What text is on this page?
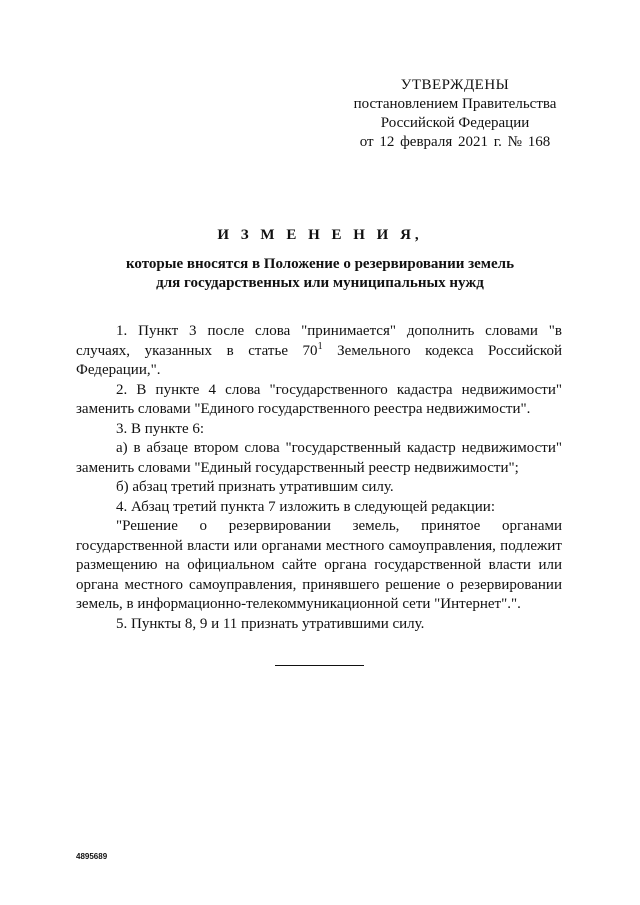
УТВЕРЖДЕНЫ
постановлением Правительства
Российской Федерации
от 12 февраля 2021 г. № 168
И З М Е Н Е Н И Я,
которые вносятся в Положение о резервировании земель
для государственных или муниципальных нужд

1. Пункт 3 после слова "принимается" дополнить словами "в случаях, указанных в статье $70^1$ Земельного кодекса Российской Федерации,".

2. В пункте 4 слова "государственного кадастра недвижимости" заменить словами "Единого государственного реестра недвижимости".

3. В пункте 6:

а) в абзаце втором слова "государственный кадастр недвижимости" заменить словами "Единый государственный реестр недвижимости";

б) абзац третий признать утратившим силу.

4. Абзац третий пункта 7 изложить в следующей редакции:

"Решение о резервировании земель, принятое органами государственной власти или органами местного самоуправления, подлежит размещению на официальном сайте органа государственной власти или органа местного самоуправления, принявшего решение о резервировании земель, в информационно-телекоммуникационной сети "Интернет".".

5. Пункты 8, 9 и 11 признать утратившими силу.

4895689
